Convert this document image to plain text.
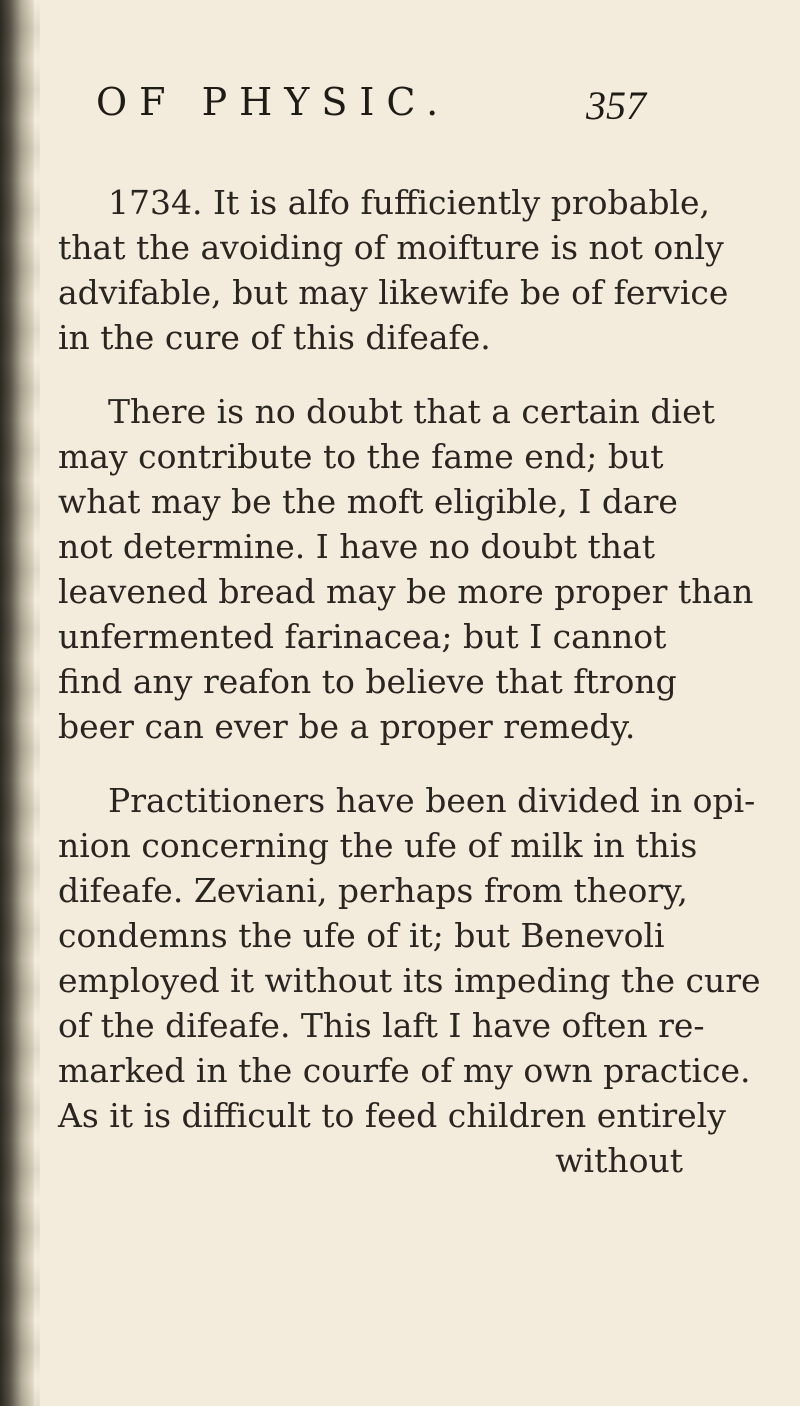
OF PHYSIC.	357
1734. It is alfo fufficiently probable,
that the avoiding of moifture is not only
advifable, but may likewife be of fervice
in the cure of this difeafe.
There is no doubt that a certain diet
may contribute to the fame end; but
what may be the moft eligible, I dare
not determine. I have no doubt that
leavened bread may be more proper than
unfermented farinacea; but I cannot
find any reafon to believe that ftrong
beer can ever be a proper remedy.
Practitioners have been divided in opi-
nion concerning the ufe of milk in this
difeafe. Zeviani, perhaps from theory,
condemns the ufe of it; but Benevoli
employed it without its impeding the cure
of the difeafe. This laft I have often re-
marked in the courfe of my own practice.
As it is difficult to feed children entirely
without
